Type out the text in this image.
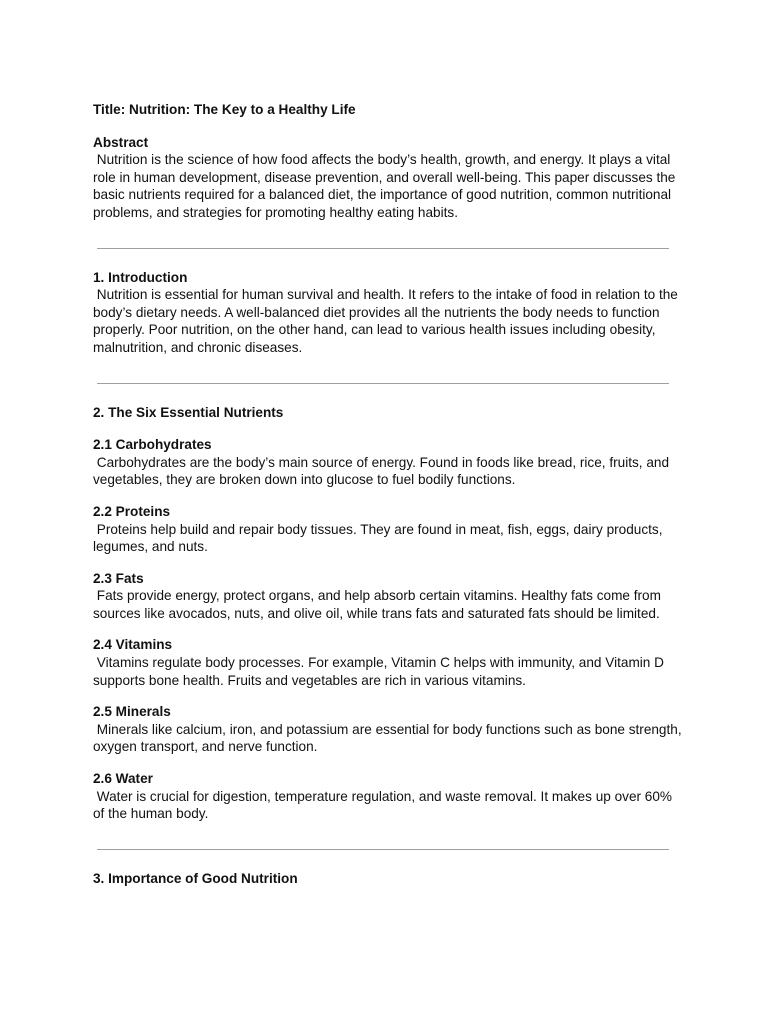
Title: Nutrition: The Key to a Healthy Life

Abstract

Nutrition is the science of how food affects the body’s health, growth, and energy. It plays a vital role in human development, disease prevention, and overall well-being. This paper discusses the basic nutrients required for a balanced diet, the importance of good nutrition, common nutritional problems, and strategies for promoting healthy eating habits.

1. Introduction

Nutrition is essential for human survival and health. It refers to the intake of food in relation to the body’s dietary needs. A well-balanced diet provides all the nutrients the body needs to function properly. Poor nutrition, on the other hand, can lead to various health issues including obesity, malnutrition, and chronic diseases.

2. The Six Essential Nutrients

2.1 Carbohydrates

Carbohydrates are the body’s main source of energy. Found in foods like bread, rice, fruits, and vegetables, they are broken down into glucose to fuel bodily functions.

2.2 Proteins

Proteins help build and repair body tissues. They are found in meat, fish, eggs, dairy products, legumes, and nuts.

2.3 Fats

Fats provide energy, protect organs, and help absorb certain vitamins. Healthy fats come from sources like avocados, nuts, and olive oil, while trans fats and saturated fats should be limited.

2.4 Vitamins

Vitamins regulate body processes. For example, Vitamin C helps with immunity, and Vitamin D supports bone health. Fruits and vegetables are rich in various vitamins.

2.5 Minerals

Minerals like calcium, iron, and potassium are essential for body functions such as bone strength, oxygen transport, and nerve function.

2.6 Water

Water is crucial for digestion, temperature regulation, and waste removal. It makes up over 60% of the human body.

3. Importance of Good Nutrition
